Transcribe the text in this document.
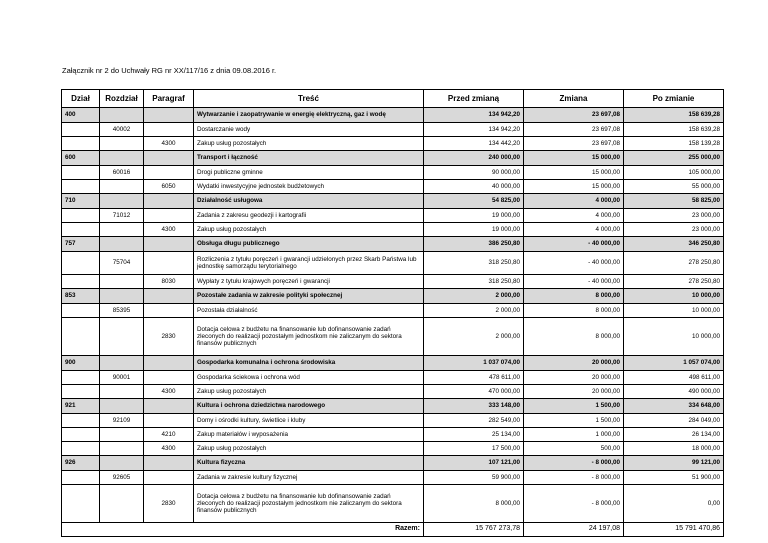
Załącznik nr 2 do Uchwały RG nr XX/117/16 z dnia 09.08.2016 r.
Dział	Rozdział	Paragraf	Treść	Przed zmianą	Zmiana	Po zmianie
400			Wytwarzanie i zaopatrywanie w energię elektryczną, gaz i wodę	134 942,20	23 697,08	158 639,28
	40002		Dostarczanie wody	134 942,20	23 697,08	158 639,28
		4300	Zakup usług pozostałych	134 442,20	23 697,08	158 139,28
600			Transport i łączność	240 000,00	15 000,00	255 000,00
	60016		Drogi publiczne gminne	90 000,00	15 000,00	105 000,00
		6050	Wydatki inwestycyjne jednostek budżetowych	40 000,00	15 000,00	55 000,00
710			Działalność usługowa	54 825,00	4 000,00	58 825,00
	71012		Zadania z zakresu geodezji i kartografii	19 000,00	4 000,00	23 000,00
		4300	Zakup usług pozostałych	19 000,00	4 000,00	23 000,00
757			Obsługa długu publicznego	386 250,80	- 40 000,00	346 250,80
	75704		Rozliczenia z tytułu poręczeń i gwarancji udzielonych przez Skarb Państwa lub jednostkę samorządu terytorialnego	318 250,80	- 40 000,00	278 250,80
		8030	Wypłaty z tytułu krajowych poręczeń i gwarancji	318 250,80	- 40 000,00	278 250,80
853			Pozostałe zadania w zakresie polityki społecznej	2 000,00	8 000,00	10 000,00
	85395		Pozostała działalność	2 000,00	8 000,00	10 000,00
		2830	Dotacja celowa z budżetu na finansowanie lub dofinansowanie zadań zleconych do realizacji pozostałym jednostkom nie zaliczanym do sektora finansów publicznych	2 000,00	8 000,00	10 000,00
900			Gospodarka komunalna i ochrona środowiska	1 037 074,00	20 000,00	1 057 074,00
	90001		Gospodarka ściekowa i ochrona wód	478 611,00	20 000,00	498 611,00
		4300	Zakup usług pozostałych	470 000,00	20 000,00	490 000,00
921			Kultura i ochrona dziedzictwa narodowego	333 148,00	1 500,00	334 648,00
	92109		Domy i ośrodki kultury, świetlice i kluby	282 549,00	1 500,00	284 049,00
		4210	Zakup materiałów i wyposażenia	25 134,00	1 000,00	26 134,00
		4300	Zakup usług pozostałych	17 500,00	500,00	18 000,00
926			Kultura fizyczna	107 121,00	- 8 000,00	99 121,00
	92605		Zadania w zakresie kultury fizycznej	59 900,00	- 8 000,00	51 900,00
		2830	Dotacja celowa z budżetu na finansowanie lub dofinansowanie zadań zleconych do realizacji pozostałym jednostkom nie zaliczanym do sektora finansów publicznych	8 000,00	- 8 000,00	0,00
Razem:				15 767 273,78	24 197,08	15 791 470,86
